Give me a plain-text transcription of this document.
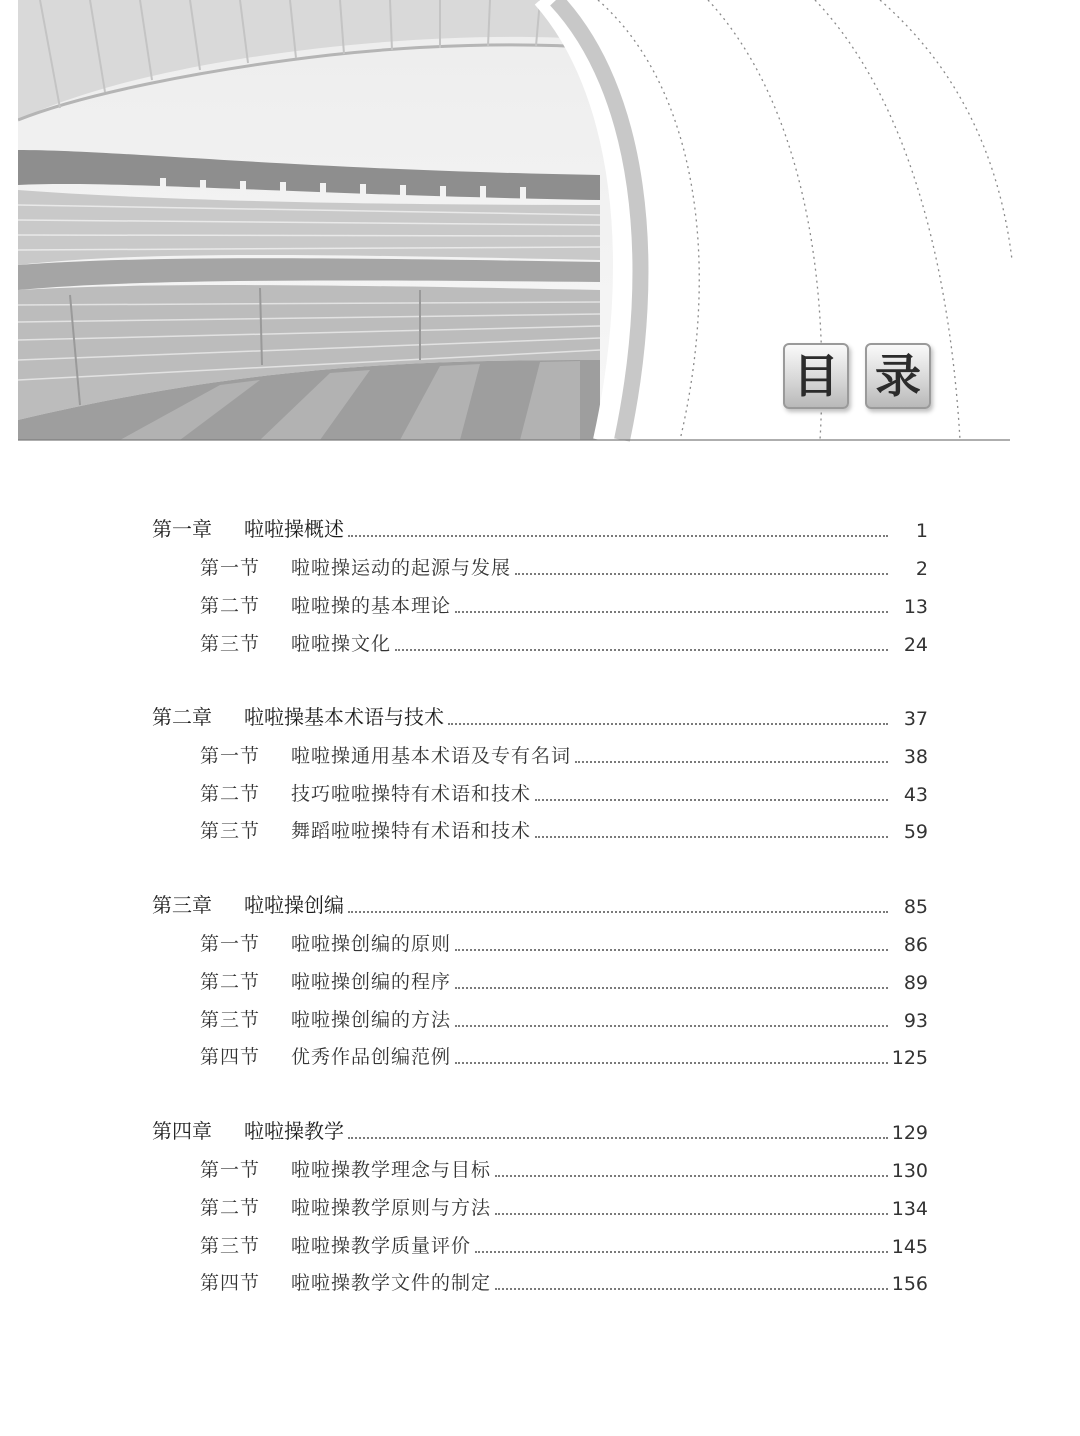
目 录
第一章	啦啦操概述	1
第一节	啦啦操运动的起源与发展	2
第二节	啦啦操的基本理论	13
第三节	啦啦操文化	24
第二章	啦啦操基本术语与技术	37
第一节	啦啦操通用基本术语及专有名词	38
第二节	技巧啦啦操特有术语和技术	43
第三节	舞蹈啦啦操特有术语和技术	59
第三章	啦啦操创编	85
第一节	啦啦操创编的原则	86
第二节	啦啦操创编的程序	89
第三节	啦啦操创编的方法	93
第四节	优秀作品创编范例	125
第四章	啦啦操教学	129
第一节	啦啦操教学理念与目标	130
第二节	啦啦操教学原则与方法	134
第三节	啦啦操教学质量评价	145
第四节	啦啦操教学文件的制定	156
